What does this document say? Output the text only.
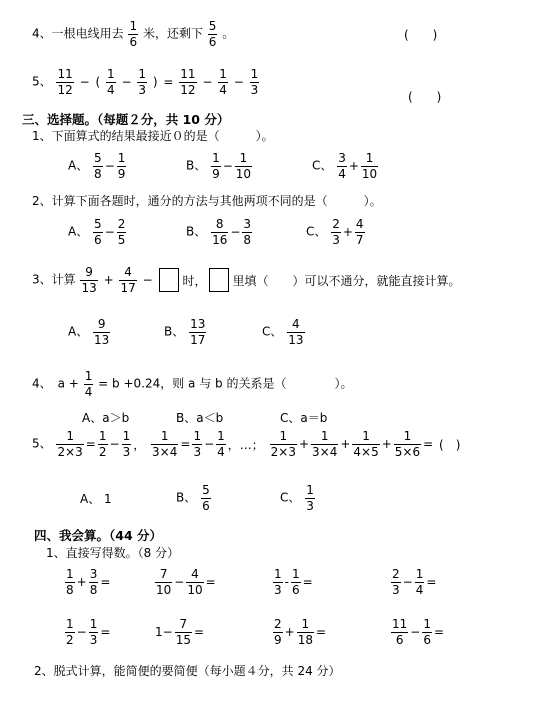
4、一根电线用去 $\frac{1}{6}$ 米，还剩下 $\frac{5}{6}$ 。	(　　)
5、 $\frac{11}{12}$ − ( $\frac{1}{4} - \frac{1}{3}$ ) = $\frac{11}{12} - \frac{1}{4} - \frac{1}{3}$
(　　)
三、选择题。（每题２分，共 10 分）
1、下面算式的结果最接近０的是（　　　）。
A、 $\frac{5}{8} - \frac{1}{9}$	B、 $\frac{1}{9} - \frac{1}{10}$	C、 $\frac{3}{4} + \frac{1}{10}$
2、计算下面各题时，通分的方法与其他两项不同的是（　　　）。
A、 $\frac{5}{6} - \frac{2}{5}$	B、 $\frac{8}{16} - \frac{3}{8}$	C、 $\frac{2}{3} + \frac{4}{7}$
3、计算 $\frac{9}{13} + \frac{4}{17}$ − 时， 里填（　　）可以不通分，就能直接计算。
A、 $\frac{9}{13}$	B、 $\frac{13}{17}$	C、 $\frac{4}{13}$
4、　$a + \frac{1}{4} = b +0.24$，则 a 与 b 的关系是（　　　　）。
A、a＞b	B、a＜b	C、a＝b
5、 $\frac{1}{2\times 3} = \frac{1}{2} - \frac{1}{3}$ ， $\frac{1}{3\times 4} = \frac{1}{3} - \frac{1}{4}$ ，…； $\frac{1}{2\times 3} + \frac{1}{3\times 4} + \frac{1}{4\times 5} + \frac{1}{5\times 6}$ = (　)
A、 1	B、 $\frac{5}{6}$	C、 $\frac{1}{3}$
四、我会算。（44 分）
1、直接写得数。（8 分）
$\frac{1}{8} + \frac{3}{8}$ =	$\frac{7}{10} - \frac{4}{10}$ =	$\frac{1}{3} - \frac{1}{6}$ =	$\frac{2}{3} - \frac{1}{4}$ =
$\frac{1}{2} - \frac{1}{3}$ =	$1- \frac{7}{15}$ =	$\frac{2}{9} + \frac{1}{18}$ =	$\frac{11}{6} - \frac{1}{6}$ =
2、脱式计算，能简便的要简便（每小题４分，共 24 分）
